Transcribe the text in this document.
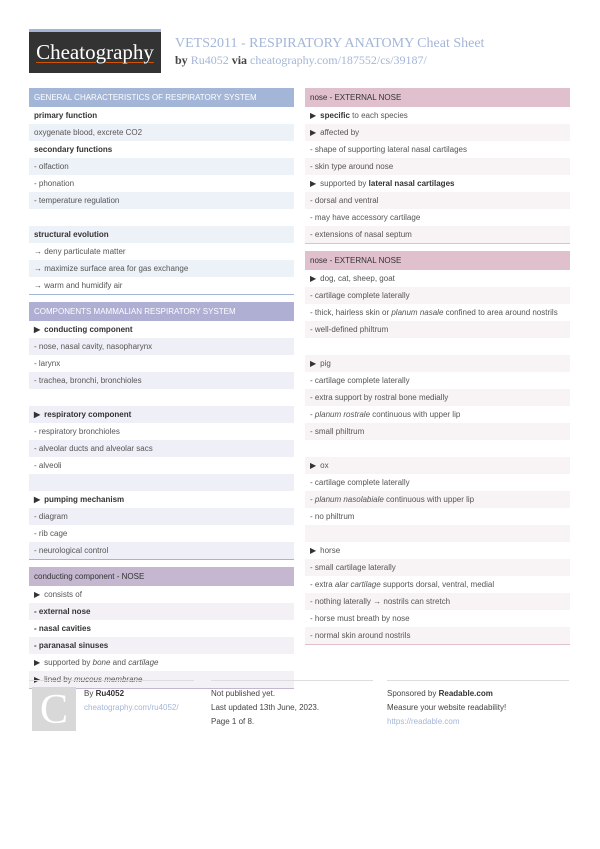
Cheatography VETS2011 - RESPIRATORY ANATOMY Cheat Sheet
by Ru4052 via cheatography.com/187552/cs/39187/
GENERAL CHARACTERISTICS OF RESPIRATORY SYSTEM
primary function
oxygenate blood, excrete CO2
secondary functions
- olfaction
- phonation
- temperature regulation
structural evolution
→ deny particulate matter
→ maximize surface area for gas exchange
→ warm and humidify air
COMPONENTS MAMMALIAN RESPIRATORY SYSTEM
▶ conducting component
- nose, nasal cavity, nasopharynx
- larynx
- trachea, bronchi, bronchioles
▶ respiratory component
- respiratory bronchioles
- alveolar ducts and alveolar sacs
- alveoli
▶ pumping mechanism
- diagram
- rib cage
- neurological control
conducting component - NOSE
▶ consists of
- external nose
- nasal cavities
- paranasal sinuses
▶ supported by bone and cartilage
▶ lined by mucous membrane
nose - EXTERNAL NOSE
▶ specific to each species
▶ affected by
- shape of supporting lateral nasal cartilages
- skin type around nose
▶ supported by lateral nasal cartilages
- dorsal and ventral
- may have accessory cartilage
- extensions of nasal septum
nose - EXTERNAL NOSE
▶ dog, cat, sheep, goat
- cartilage complete laterally
- thick, hairless skin or planum nasale confined to area around nostrils
- well-defined philtrum
▶ pig
- cartilage complete laterally
- extra support by rostral bone medially
- planum rostrale continuous with upper lip
- small philtrum
▶ ox
- cartilage complete laterally
- planum nasolabiale continuous with upper lip
- no philtrum
▶ horse
- small cartilage laterally
- extra alar cartilage supports dorsal, ventral, medial
- nothing laterally → nostrils can stretch
- horse must breath by nose
- normal skin around nostrils
C	By Ru4052
cheatography.com/ru4052/
Not published yet.
Last updated 13th June, 2023.
Page 1 of 8.
Sponsored by Readable.com
Measure your website readability!
https://readable.com
